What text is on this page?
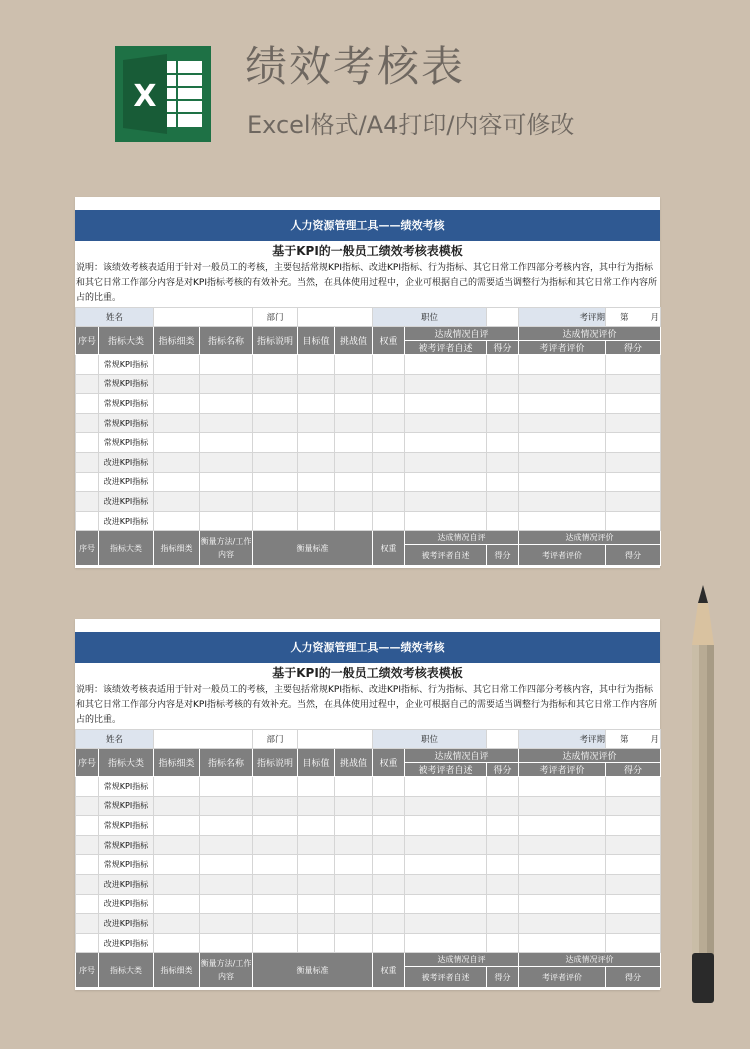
X
绩效考核表
Excel格式/A4打印/内容可修改
人力资源管理工具——绩效考核
基于KPI的一般员工绩效考核表模板
说明：该绩效考核表适用于针对一般员工的考核，主要包括常规KPI指标、改进KPI指标、行为指标、其它日常工作四部分考核内容，其中行为指标和其它日常工作部分内容是对KPI指标考核的有效补充。当然，在具体使用过程中，企业可根据自己的需要适当调整行为指标和其它日常工作内容所占的比重。
姓名				部门			职位			考评期	第 月
序号	指标大类	指标细类	指标名称	指标说明	目标值	挑战值	权重	达成情况自评		达成情况评价	
								被考评者自述	得分	考评者评价	得分
	常规KPI指标										
	常规KPI指标										
	常规KPI指标										
	常规KPI指标										
	常规KPI指标										
	改进KPI指标										
	改进KPI指标										
	改进KPI指标										
	改进KPI指标										
序号	指标大类	指标细类	衡量方法/工作内容	衡量标准			权重	达成情况自评		达成情况评价	
								被考评者自述	得分	考评者评价	得分
人力资源管理工具——绩效考核
基于KPI的一般员工绩效考核表模板
说明：该绩效考核表适用于针对一般员工的考核，主要包括常规KPI指标、改进KPI指标、行为指标、其它日常工作四部分考核内容，其中行为指标和其它日常工作部分内容是对KPI指标考核的有效补充。当然，在具体使用过程中，企业可根据自己的需要适当调整行为指标和其它日常工作内容所占的比重。
姓名				部门			职位			考评期	第 月
序号	指标大类	指标细类	指标名称	指标说明	目标值	挑战值	权重	达成情况自评		达成情况评价	
								被考评者自述	得分	考评者评价	得分
	常规KPI指标										
	常规KPI指标										
	常规KPI指标										
	常规KPI指标										
	常规KPI指标										
	改进KPI指标										
	改进KPI指标										
	改进KPI指标										
	改进KPI指标										
序号	指标大类	指标细类	衡量方法/工作内容	衡量标准			权重	达成情况自评		达成情况评价	
								被考评者自述	得分	考评者评价	得分
